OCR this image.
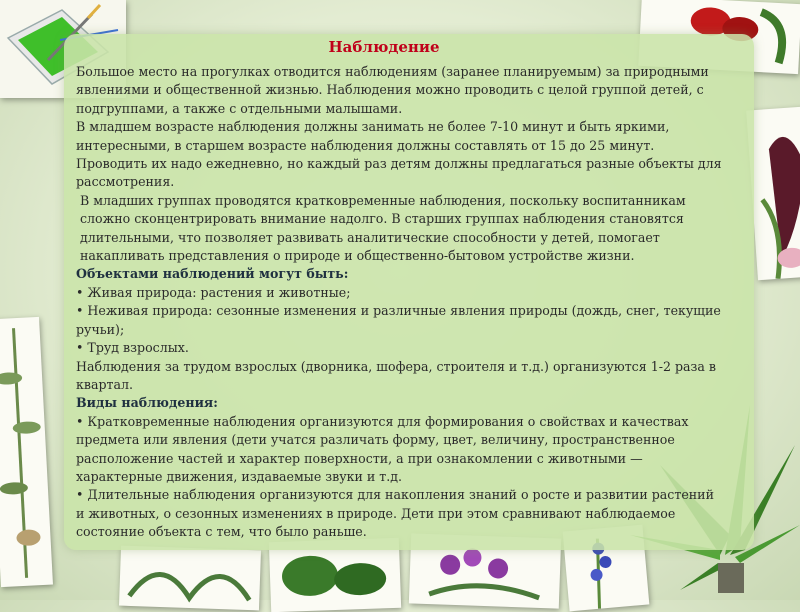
Наблюдение

Большое место на прогулках отводится наблюдениям (заранее планируемым) за природными явлениями и общественной жизнью. Наблюдения можно проводить с целой группой детей, с подгруппами, а также с отдельными малышами.

В младшем возрасте наблюдения должны занимать не более 7-10 минут и быть яркими, интересными, в старшем возрасте наблюдения должны составлять от 15 до 25 минут. Проводить их надо ежедневно, но каждый раз детям должны предлагаться разные объекты для рассмотрения.

В младших группах проводятся кратковременные наблюдения, поскольку воспитанникам сложно сконцентрировать внимание надолго. В старших группах наблюдения становятся длительными, что позволяет развивать аналитические способности у детей, помогает накапливать представления о природе и общественно-бытовом устройстве жизни.

Объектами наблюдений могут быть:

• Живая природа: растения и животные;

• Неживая природа: сезонные изменения и различные явления природы (дождь, снег, текущие ручьи);

• Труд взрослых.

Наблюдения за трудом взрослых (дворника, шофера, строителя и т.д.) организуются 1-2 раза в квартал.

Виды наблюдения:

• Кратковременные наблюдения организуются для формирования о свойствах и качествах предмета или явления (дети учатся различать форму, цвет, величину, пространственное расположение частей и характер поверхности, а при ознакомлении с животными — характерные движения, издаваемые звуки и т.д.

• Длительные наблюдения организуются для накопления знаний о росте и развитии растений и животных, о сезонных изменениях в природе. Дети при этом сравнивают наблюдаемое состояние объекта с тем, что было раньше.
